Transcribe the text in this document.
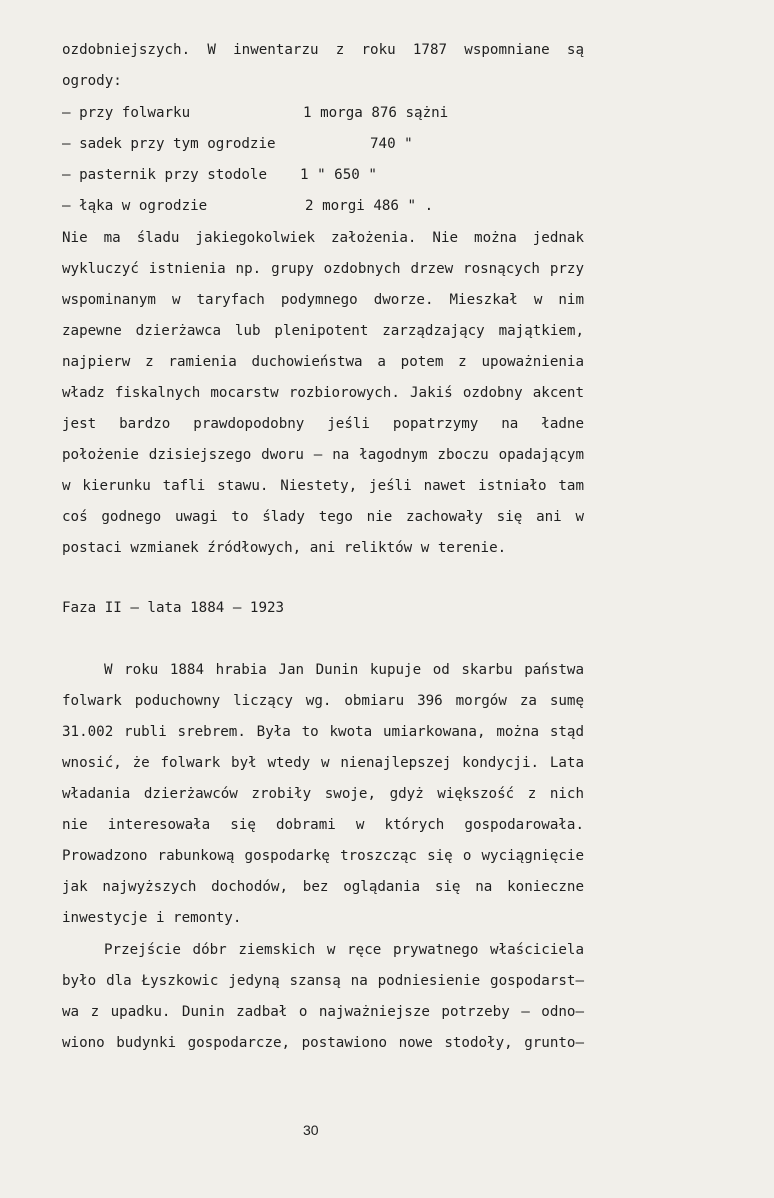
ozdobniejszych. W inwentarzu z roku 1787 wspomniane są
ogrody:
– przy folwarku	1 morga 876 sążni
– sadek przy tym ogrodzie	740 "
– pasternik przy stodole 1 " 650 "
– łąka w ogrodzie	2 morgi 486 " .
Nie ma śladu jakiegokolwiek założenia. Nie można jednak
wykluczyć istnienia np. grupy ozdobnych drzew rosnących przy
wspominanym w taryfach podymnego dworze. Mieszkał w nim
zapewne dzierżawca lub plenipotent zarządzający majątkiem,
najpierw z ramienia duchowieństwa a potem z upoważnienia
władz fiskalnych mocarstw rozbiorowych. Jakiś ozdobny akcent
jest bardzo prawdopodobny jeśli popatrzymy na ładne
położenie dzisiejszego dworu – na łagodnym zboczu opadającym
w kierunku tafli stawu. Niestety, jeśli nawet istniało tam
coś godnego uwagi to ślady tego nie zachowały się ani w
postaci wzmianek źródłowych, ani reliktów w terenie.
Faza II – lata 1884 – 1923
W roku 1884 hrabia Jan Dunin kupuje od skarbu państwa
folwark poduchowny liczący wg. obmiaru 396 morgów za sumę
31.002 rubli srebrem. Była to kwota umiarkowana, można stąd
wnosić, że folwark był wtedy w nienajlepszej kondycji. Lata
władania dzierżawców zrobiły swoje, gdyż większość z nich
nie interesowała się dobrami w których gospodarowała.
Prowadzono rabunkową gospodarkę troszcząc się o wyciągnięcie
jak najwyższych dochodów, bez oglądania się na konieczne
inwestycje i remonty.
Przejście dóbr ziemskich w ręce prywatnego właściciela
było dla Łyszkowic jedyną szansą na podniesienie gospodarst–
wa z upadku. Dunin zadbał o najważniejsze potrzeby – odno–
wiono budynki gospodarcze, postawiono nowe stodoły, grunto–
30
